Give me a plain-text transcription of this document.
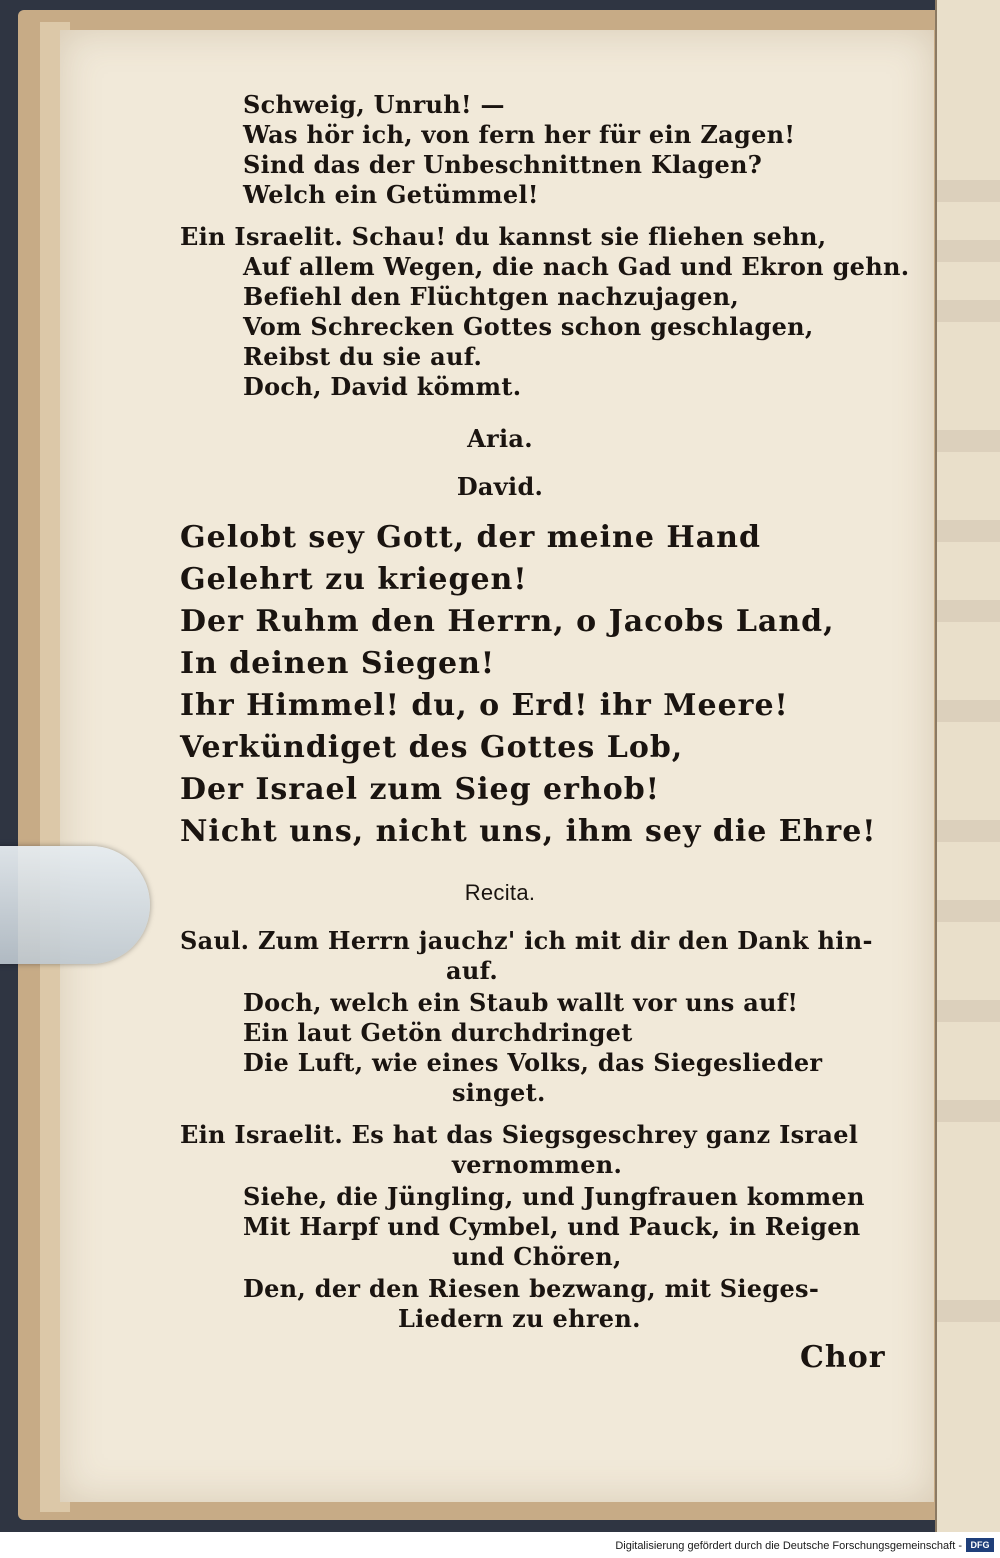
Schweig, Unruh! —
Was hör ich, von fern her für ein Zagen!
Sind das der Unbeschnittnen Klagen?
Welch ein Getümmel!
Ein Israelit. Schau! du kannst sie fliehen sehn,
Auf allem Wegen, die nach Gad und Ekron gehn.
Befiehl den Flüchtgen nachzujagen,
Vom Schrecken Gottes schon geschlagen,
Reibst du sie auf.
Doch, David kömmt.
Aria.
David.
Gelobt sey Gott, der meine Hand
Gelehrt zu kriegen!
Der Ruhm den Herrn, o Jacobs Land,
In deinen Siegen!
Ihr Himmel! du, o Erd! ihr Meere!
Verkündiget des Gottes Lob,
Der Israel zum Sieg erhob!
Nicht uns, nicht uns, ihm sey die Ehre!
Recita.
Saul. Zum Herrn jauchz' ich mit dir den Dank hin-
auf.
Doch, welch ein Staub wallt vor uns auf!
Ein laut Getön durchdringet
Die Luft, wie eines Volks, das Siegeslieder
singet.
Ein Israelit. Es hat das Siegsgeschrey ganz Israel
vernommen.
Siehe, die Jüngling, und Jungfrauen kommen
Mit Harpf und Cymbel, und Pauck, in Reigen
und Chören,
Den, der den Riesen bezwang, mit Sieges-
Liedern zu ehren.
Chor
Digitalisierung gefördert durch die Deutsche Forschungsgemeinschaft - DFG
